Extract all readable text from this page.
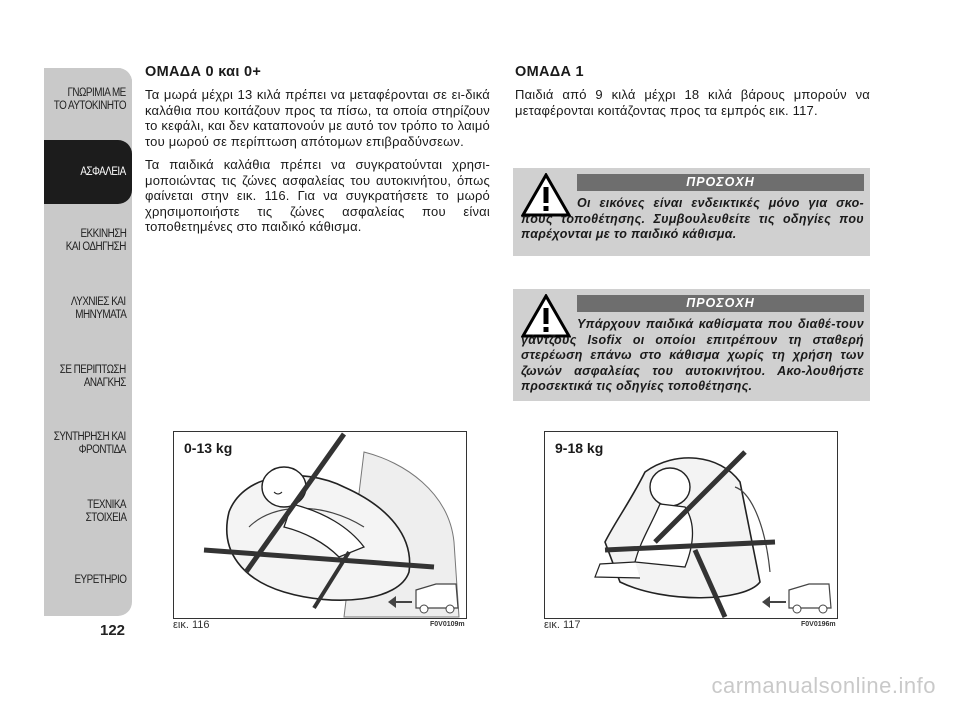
ΓΝΩΡΙΜΙΑ ΜΕ
ΤΟ ΑΥΤΟΚΙΝΗΤΟ
ΑΣΦΑΛΕΙΑ
ΕΚΚΙΝΗΣΗ
ΚΑΙ ΟΔΗΓΗΣΗ
ΛΥΧΝΙΕΣ ΚΑΙ
ΜΗΝΥΜΑΤΑ
ΣΕ ΠΕΡΙΠΤΩΣΗ
ΑΝΑΓΚΗΣ
ΣΥΝΤΗΡΗΣΗ ΚΑΙ
ΦΡΟΝΤΙΔΑ
ΤΕΧΝΙΚΑ
ΣΤΟΙΧΕΙΑ
ΕΥΡΕΤΗΡΙΟ
122
ΟΜΑΔΑ 0 και 0+

Τα μωρά μέχρι 13 κιλά πρέπει να μεταφέρονται σε ει-δικά καλάθια που κοιτάζουν προς τα πίσω, τα οποία στηρίζουν το κεφάλι, και δεν καταπονούν με αυτό τον τρόπο το λαιμό του μωρού σε περίπτωση απότομων επιβραδύνσεων.

Τα παιδικά καλάθια πρέπει να συγκρατούνται χρησι-μοποιώντας τις ζώνες ασφαλείας του αυτοκινήτου, όπως φαίνεται στην εικ. 116. Για να συγκρατήσετε το μωρό χρησιμοποιήστε τις ζώνες ασφαλείας που είναι τοποθετημένες στο παιδικό κάθισμα.

ΟΜΑΔΑ 1

Παιδιά από 9 κιλά μέχρι 18 κιλά βάρους μπορούν να μεταφέρονται κοιτάζοντας προς τα εμπρός εικ. 117.

ΠΡΟΣΟΧΗ
Οι εικόνες είναι ενδεικτικές μόνο για σκο-πούς τοποθέτησης. Συμβουλευθείτε τις οδηγίες που παρέχονται με το παιδικό κάθισμα.
ΠΡΟΣΟΧΗ
Υπάρχουν παιδικά καθίσματα που διαθέ-τουν γάντζους Isofix οι οποίοι επιτρέπουν τη σταθερή στερέωση επάνω στο κάθισμα χωρίς τη χρήση των ζωνών ασφαλείας του αυτοκινήτου. Ακο-λουθήστε προσεκτικά τις οδηγίες τοποθέτησης.
0-13 kg
εικ. 116	F0V0109m
9-18 kg
εικ. 117	F0V0196m
carmanualsonline.info
